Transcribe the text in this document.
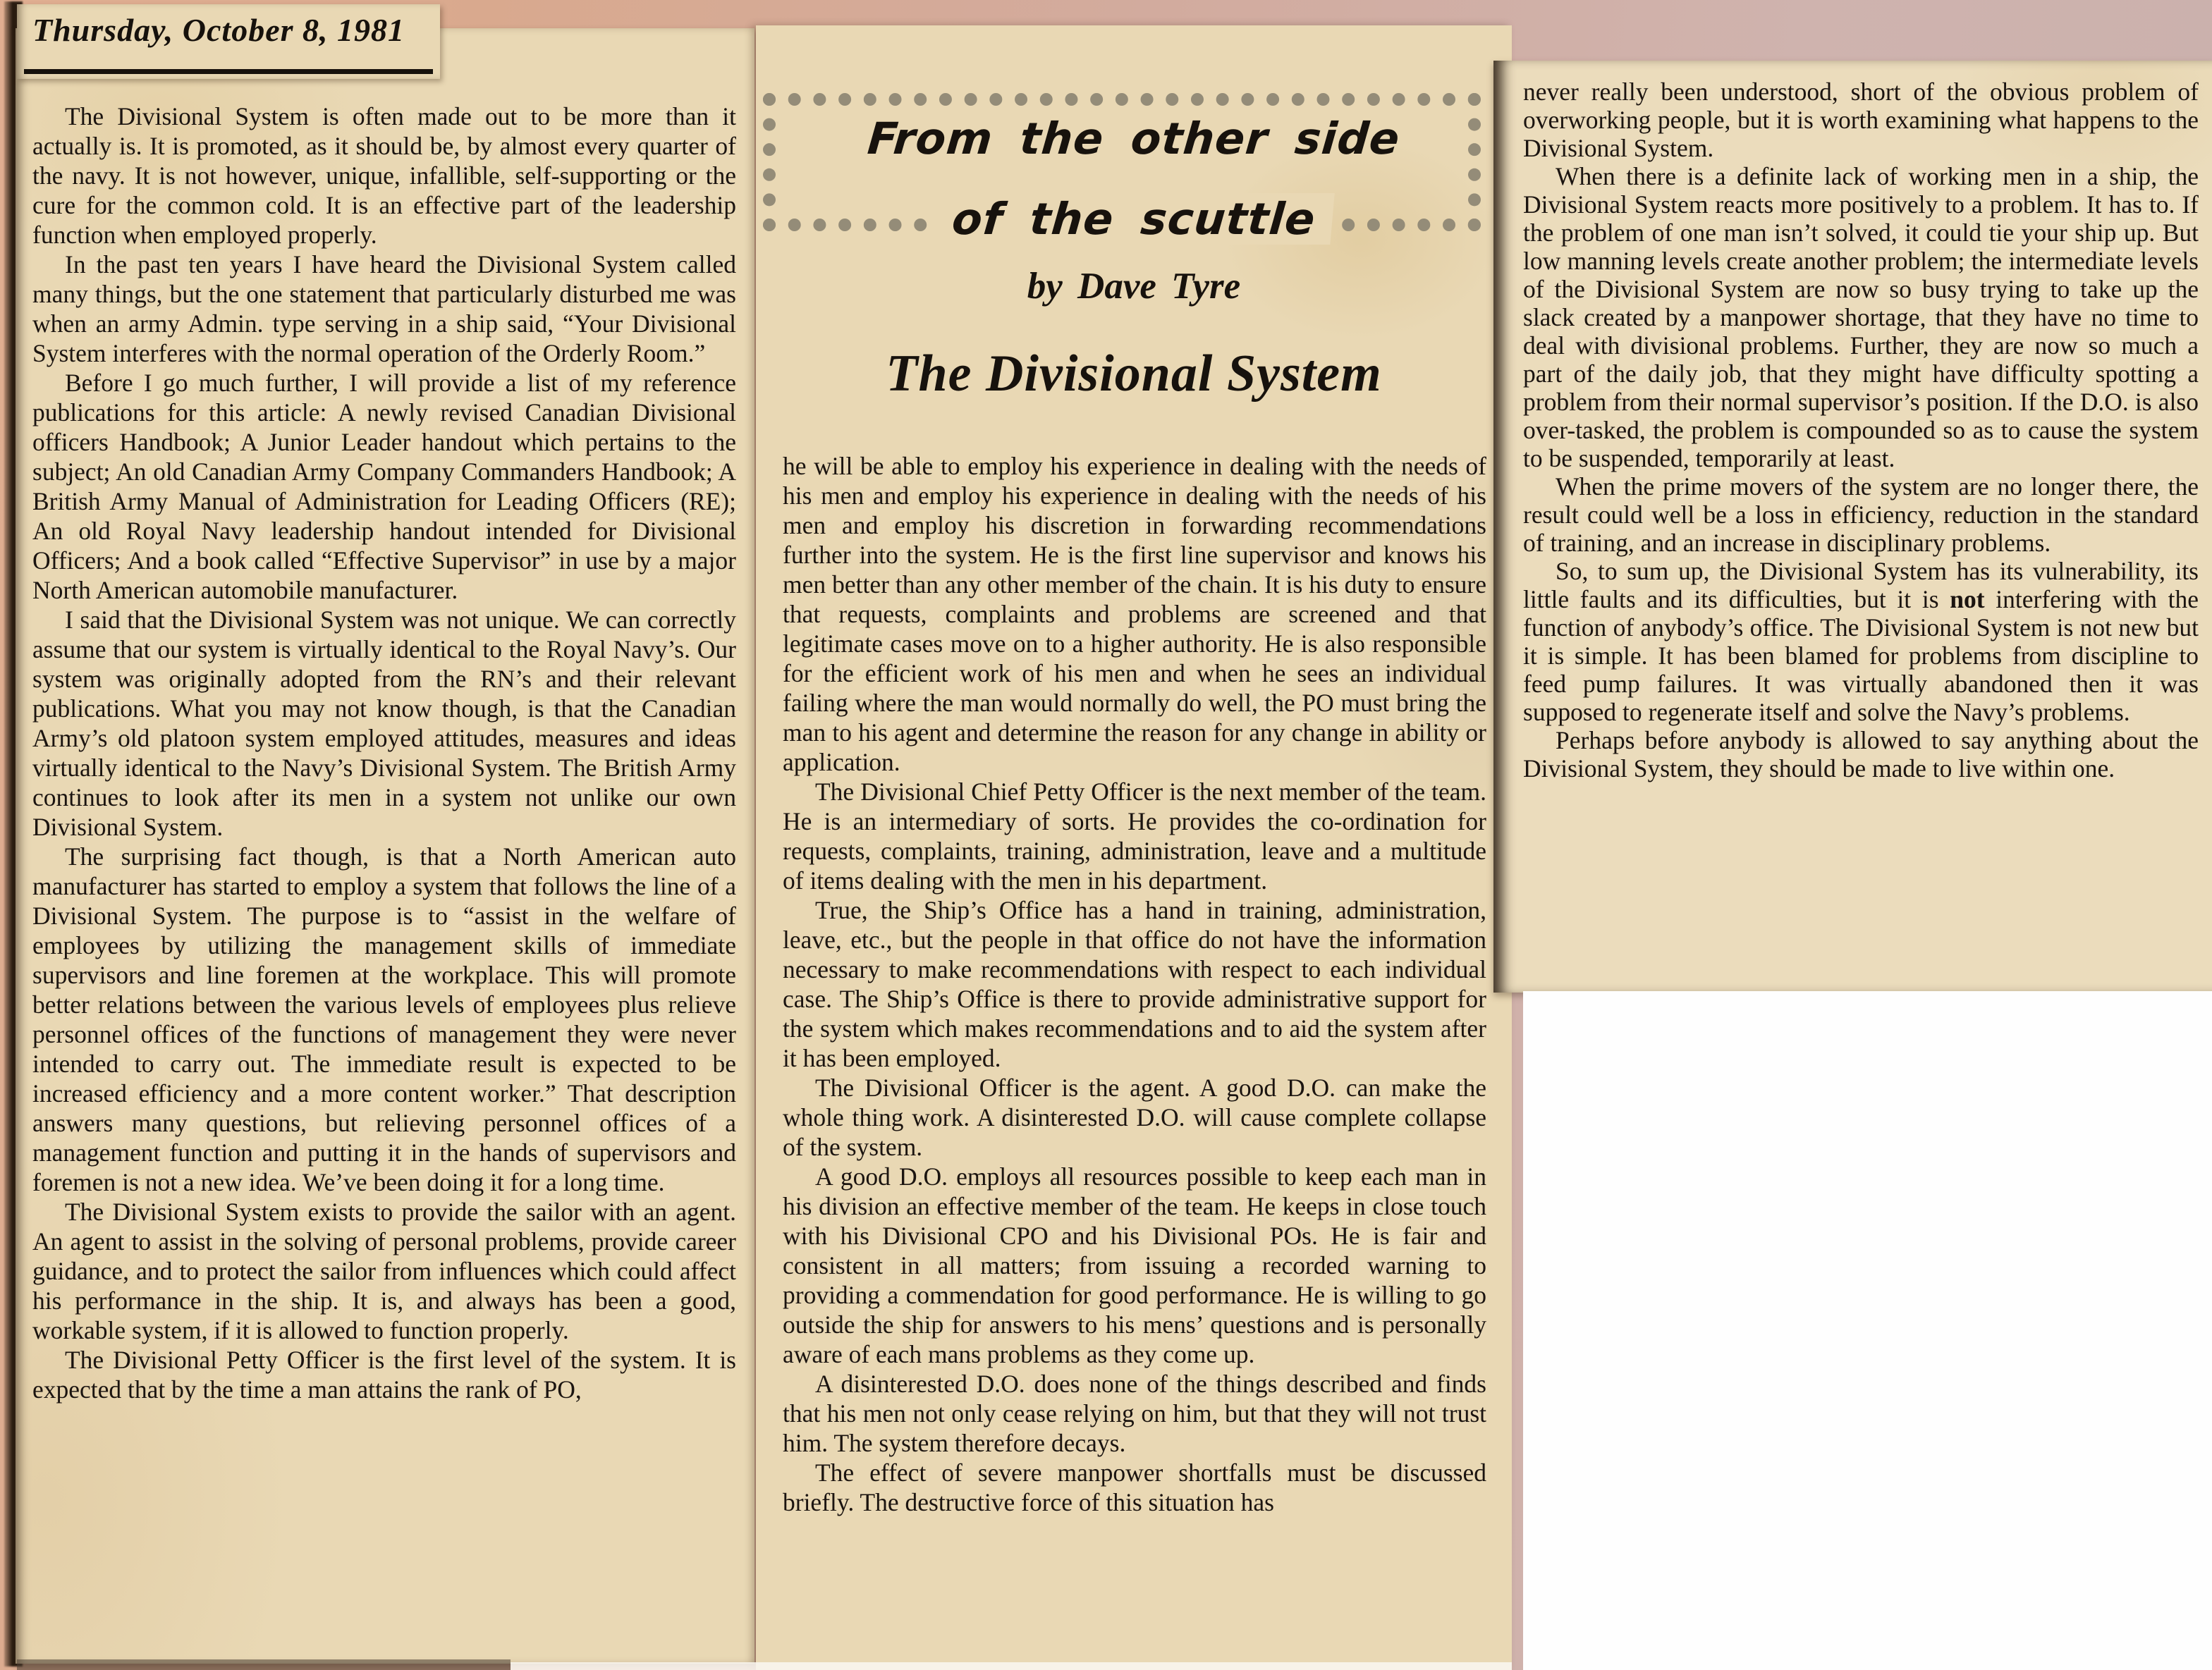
The Divisional System is often made out to be more than it actually is. It is promoted, as it should be, by almost every quarter of the navy. It is not however, unique, infallible, self-supporting or the cure for the common cold. It is an effective part of the leadership function when employed properly.

In the past ten years I have heard the Divisional System called many things, but the one statement that particularly disturbed me was when an army Admin. type serving in a ship said, “Your Divisional System interferes with the normal operation of the Orderly Room.”

Before I go much further, I will provide a list of my reference publications for this article: A newly revised Canadian Divisional officers Handbook; A Junior Leader handout which pertains to the subject; An old Canadian Army Company Commanders Handbook; A British Army Manual of Administration for Leading Officers (RE); An old Royal Navy leadership handout intended for Divisional Officers; And a book called “Effective Supervisor” in use by a major North American automobile manufacturer.

I said that the Divisional System was not unique. We can correctly assume that our system is virtually identical to the Royal Navy’s. Our system was originally adopted from the RN’s and their relevant publications. What you may not know though, is that the Canadian Army’s old platoon system employed attitudes, measures and ideas virtually identical to the Navy’s Divisional System. The British Army continues to look after its men in a system not unlike our own Divisional System.

The surprising fact though, is that a North American auto manufacturer has started to employ a system that follows the line of a Divisional System. The purpose is to “assist in the welfare of employees by utilizing the management skills of immediate supervisors and line foremen at the workplace. This will promote better relations between the various levels of employees plus relieve personnel offices of the functions of management they were never intended to carry out. The immediate result is expected to be increased efficiency and a more content worker.” That description answers many questions, but relieving personnel offices of a management function and putting it in the hands of supervisors and foremen is not a new idea. We’ve been doing it for a long time.

The Divisional System exists to provide the sailor with an agent. An agent to assist in the solving of personal problems, provide career guidance, and to protect the sailor from influences which could affect his performance in the ship. It is, and always has been a good, workable system, if it is allowed to function properly.

The Divisional Petty Officer is the first level of the system. It is expected that by the time a man attains the rank of PO,

Thursday, October 8, 1981
From the other side
of the scuttle
by Dave Tyre
The Divisional System

he will be able to employ his experience in dealing with the needs of his men and employ his experience in dealing with the needs of his men and employ his discretion in forwarding recommendations further into the system. He is the first line supervisor and knows his men better than any other member of the chain. It is his duty to ensure that requests, complaints and problems are screened and that legitimate cases move on to a higher authority. He is also responsible for the efficient work of his men and when he sees an individual failing where the man would normally do well, the PO must bring the man to his agent and determine the reason for any change in ability or application.

The Divisional Chief Petty Officer is the next member of the team. He is an intermediary of sorts. He provides the co-ordination for requests, complaints, training, administration, leave and a multitude of items dealing with the men in his department.

True, the Ship’s Office has a hand in training, administration, leave, etc., but the people in that office do not have the information necessary to make recommendations with respect to each individual case. The Ship’s Office is there to provide administrative support for the system which makes recommendations and to aid the system after it has been employed.

The Divisional Officer is the agent. A good D.O. can make the whole thing work. A disinterested D.O. will cause complete collapse of the system.

A good D.O. employs all resources possible to keep each man in his division an effective member of the team. He keeps in close touch with his Divisional CPO and his Divisional POs. He is fair and consistent in all matters; from issuing a recorded warning to providing a commendation for good performance. He is willing to go outside the ship for answers to his mens’ questions and is personally aware of each mans problems as they come up.

A disinterested D.O. does none of the things described and finds that his men not only cease relying on him, but that they will not trust him. The system therefore decays.

The effect of severe manpower shortfalls must be discussed briefly. The destructive force of this situation has

never really been understood, short of the obvious problem of overworking people, but it is worth examining what happens to the Divisional System.

When there is a definite lack of working men in a ship, the Divisional System reacts more positively to a problem. It has to. If the problem of one man isn’t solved, it could tie your ship up. But low manning levels create another problem; the intermediate levels of the Divisional System are now so busy trying to take up the slack created by a manpower shortage, that they have no time to deal with divisional problems. Further, they are now so much a part of the daily job, that they might have difficulty spotting a problem from their normal supervisor’s position. If the D.O. is also over-tasked, the problem is compounded so as to cause the system to be suspended, temporarily at least.

When the prime movers of the system are no longer there, the result could well be a loss in efficiency, reduction in the standard of training, and an increase in disciplinary problems.

So, to sum up, the Divisional System has its vulnerability, its little faults and its difficulties, but it is not interfering with the function of anybody’s office. The Divisional System is not new but it is simple. It has been blamed for problems from discipline to feed pump failures. It was virtually abandoned then it was supposed to regenerate itself and solve the Navy’s problems.

Perhaps before anybody is allowed to say anything about the Divisional System, they should be made to live within one.
